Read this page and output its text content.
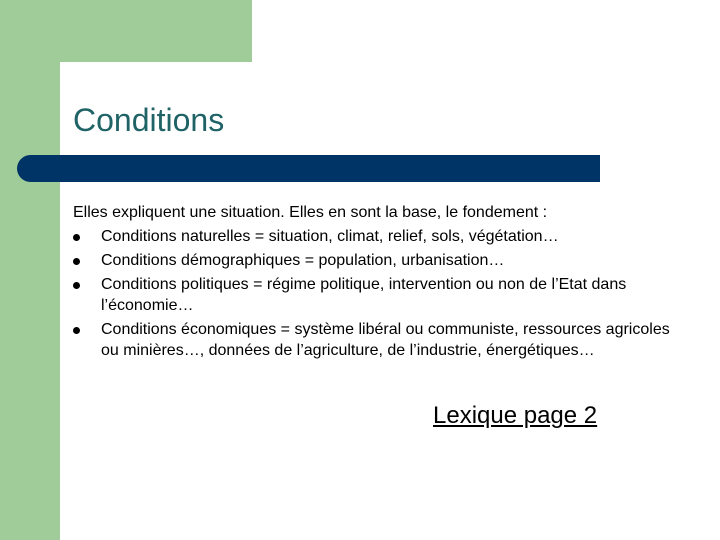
Conditions

Elles expliquent une situation. Elles en sont la base, le fondement :

Conditions naturelles = situation, climat, relief, sols, végétation…
Conditions démographiques = population, urbanisation…
Conditions politiques = régime politique, intervention ou non de l’Etat dans l’économie…
Conditions économiques = système libéral ou communiste, ressources agricoles ou minières…, données de l’agriculture, de l’industrie, énergétiques…
Lexique page 2
